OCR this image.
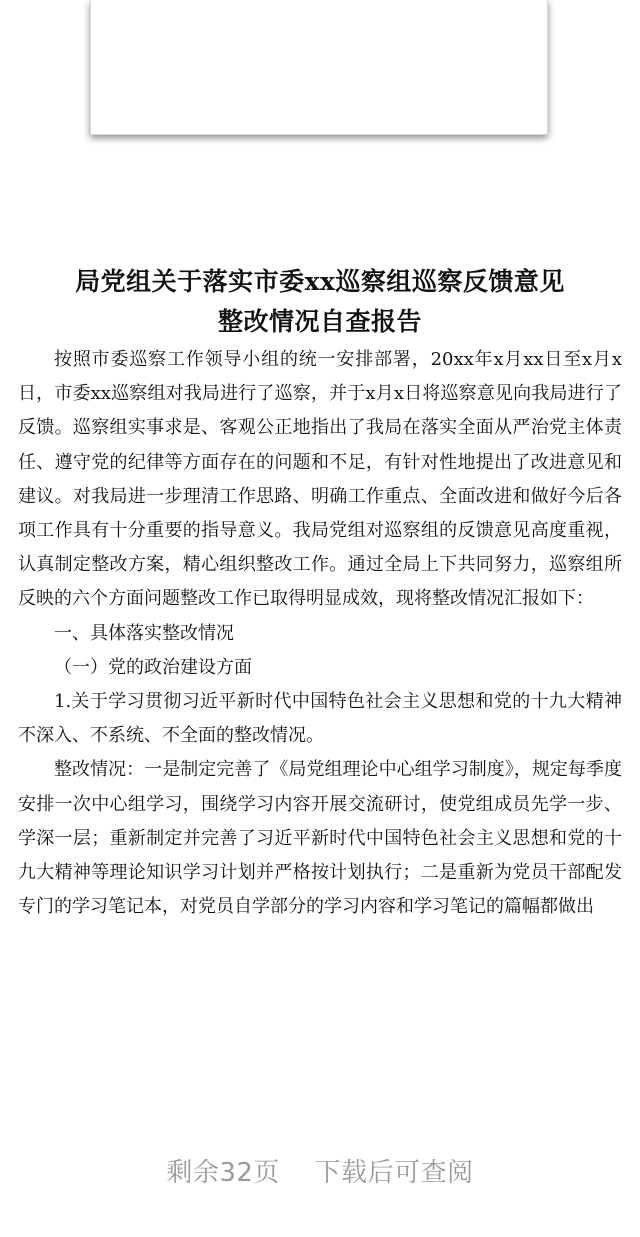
局党组关于落实市委xx巡察组巡察反馈意见
整改情况自查报告

按照市委巡察工作领导小组的统一安排部署，20xx年x月xx日至x月x日，市委xx巡察组对我局进行了巡察，并于x月x日将巡察意见向我局进行了反馈。巡察组实事求是、客观公正地指出了我局在落实全面从严治党主体责任、遵守党的纪律等方面存在的问题和不足，有针对性地提出了改进意见和建议。对我局进一步理清工作思路、明确工作重点、全面改进和做好今后各项工作具有十分重要的指导意义。我局党组对巡察组的反馈意见高度重视，认真制定整改方案，精心组织整改工作。通过全局上下共同努力，巡察组所反映的六个方面问题整改工作已取得明显成效，现将整改情况汇报如下：

一、具体落实整改情况

（一）党的政治建设方面

1.关于学习贯彻习近平新时代中国特色社会主义思想和党的十九大精神不深入、不系统、不全面的整改情况。

整改情况：一是制定完善了《局党组理论中心组学习制度》，规定每季度安排一次中心组学习，围绕学习内容开展交流研讨，使党组成员先学一步、学深一层；重新制定并完善了习近平新时代中国特色社会主义思想和党的十九大精神等理论知识学习计划并严格按计划执行；二是重新为党员干部配发专门的学习笔记本，对党员自学部分的学习内容和学习笔记的篇幅都做出

剩余32页 下载后可查阅
